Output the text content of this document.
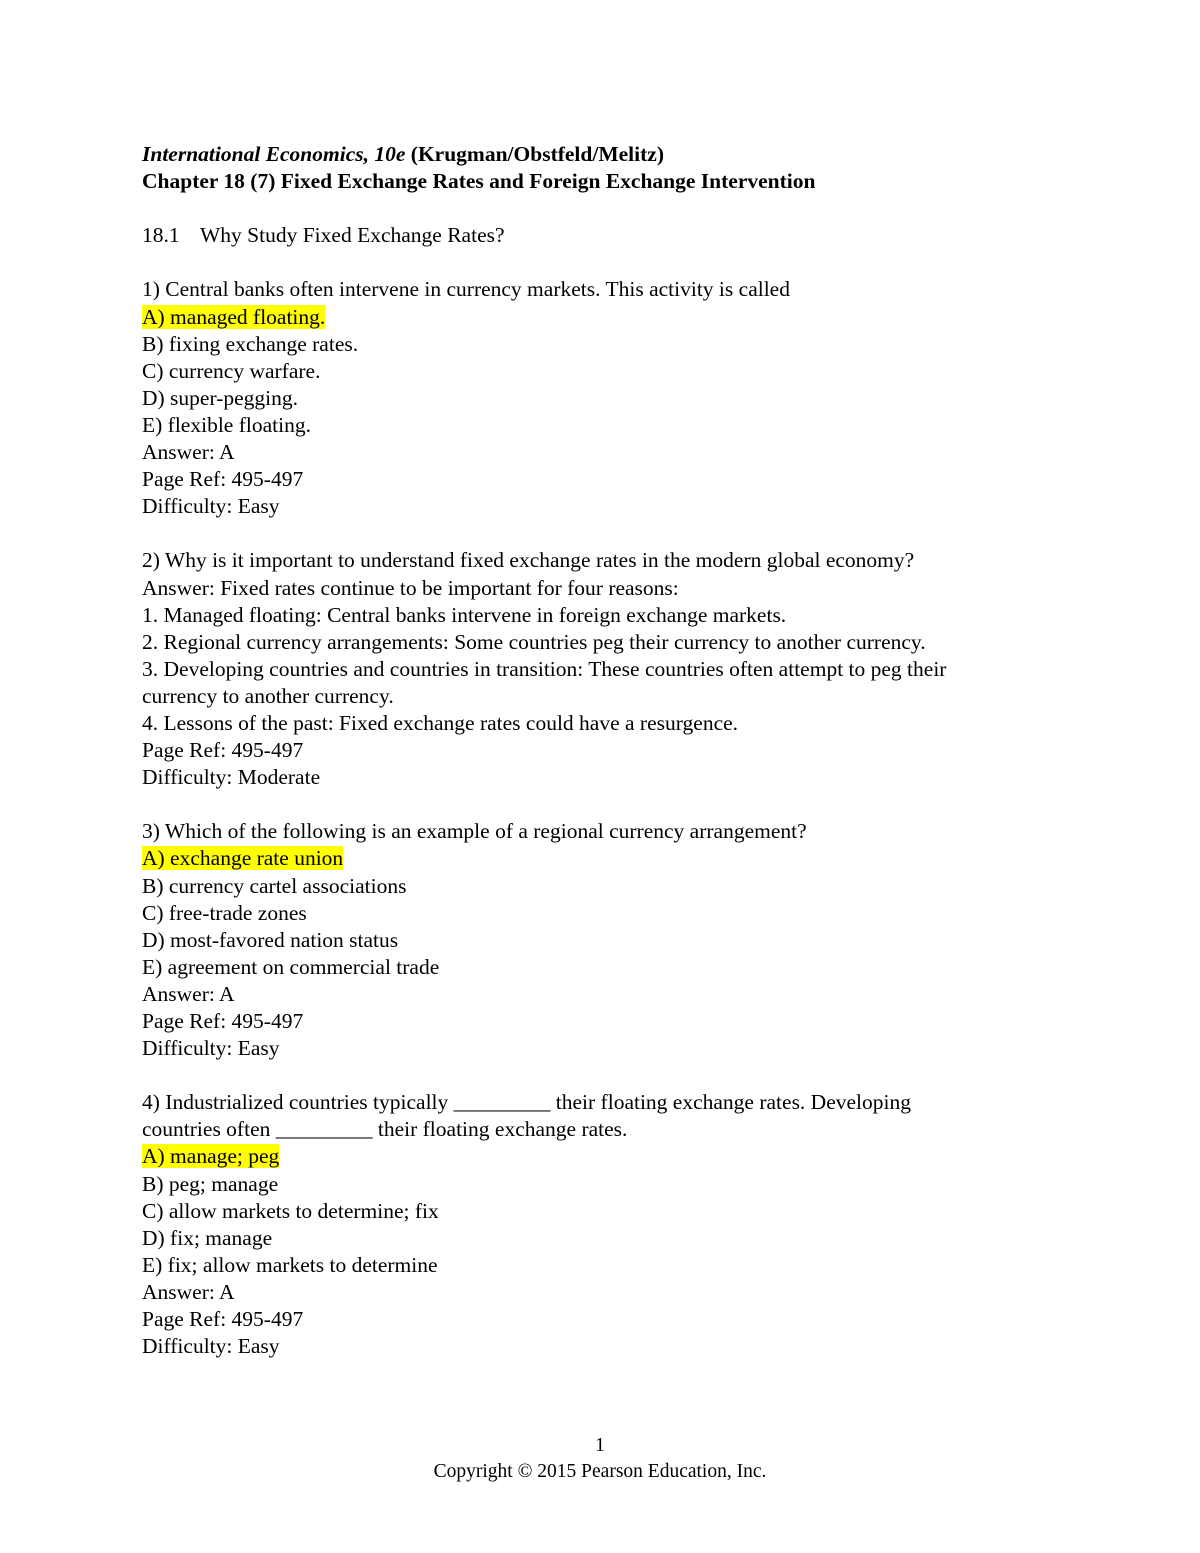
International Economics, 10e (Krugman/Obstfeld/Melitz)
Chapter 18 (7) Fixed Exchange Rates and Foreign Exchange Intervention
18.1 Why Study Fixed Exchange Rates?
1) Central banks often intervene in currency markets. This activity is called
A) managed floating.
B) fixing exchange rates.
C) currency warfare.
D) super-pegging.
E) flexible floating.
Answer: A
Page Ref: 495-497
Difficulty: Easy
2) Why is it important to understand fixed exchange rates in the modern global economy?
Answer: Fixed rates continue to be important for four reasons:
1. Managed floating: Central banks intervene in foreign exchange markets.
2. Regional currency arrangements: Some countries peg their currency to another currency.
3. Developing countries and countries in transition: These countries often attempt to peg their
currency to another currency.
4. Lessons of the past: Fixed exchange rates could have a resurgence.
Page Ref: 495-497
Difficulty: Moderate
3) Which of the following is an example of a regional currency arrangement?
A) exchange rate union
B) currency cartel associations
C) free-trade zones
D) most-favored nation status
E) agreement on commercial trade
Answer: A
Page Ref: 495-497
Difficulty: Easy
4) Industrialized countries typically _________ their floating exchange rates. Developing
countries often _________ their floating exchange rates.
A) manage; peg
B) peg; manage
C) allow markets to determine; fix
D) fix; manage
E) fix; allow markets to determine
Answer: A
Page Ref: 495-497
Difficulty: Easy
1
Copyright © 2015 Pearson Education, Inc.
